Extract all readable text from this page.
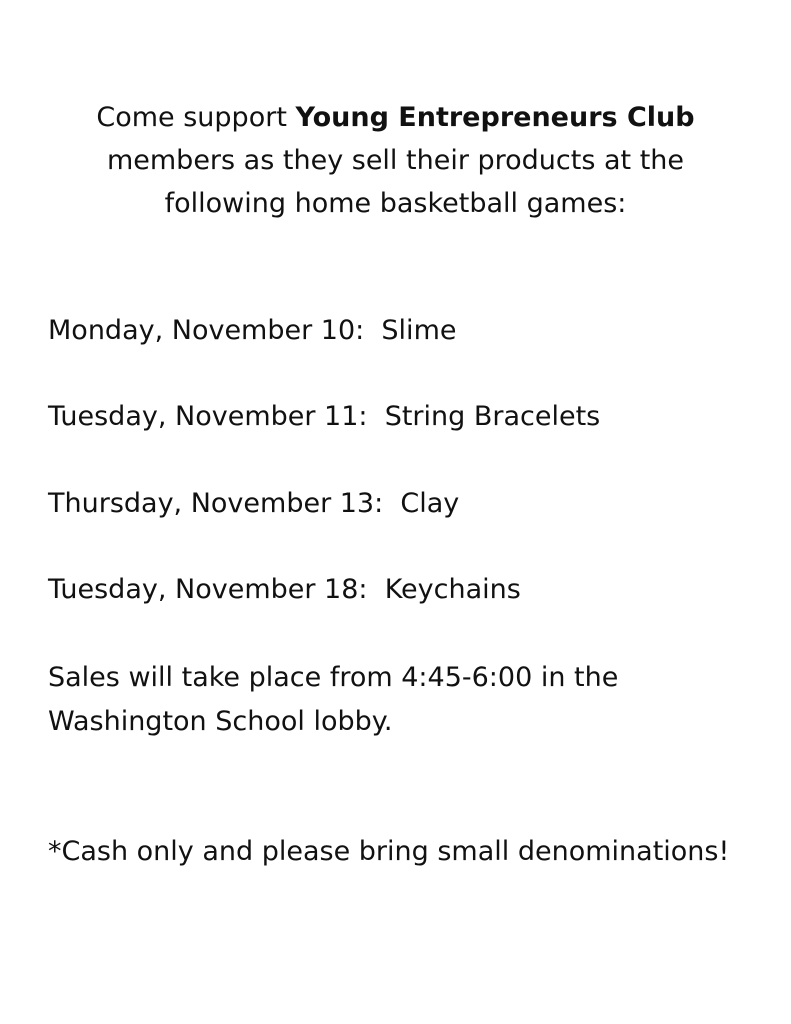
Come support Young Entrepreneurs Club
members as they sell their products at the
following home basketball games:
Monday, November 10: Slime
Tuesday, November 11: String Bracelets
Thursday, November 13: Clay
Tuesday, November 18: Keychains
Sales will take place from 4:45-6:00 in the
Washington School lobby.
*Cash only and please bring small denominations!
